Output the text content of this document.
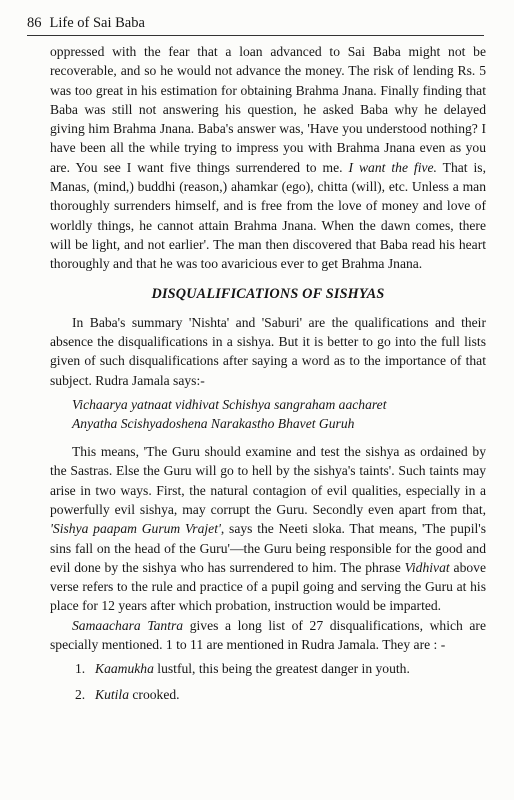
86 Life of Sai Baba

oppressed with the fear that a loan advanced to Sai Baba might not be recoverable, and so he would not advance the money. The risk of lending Rs. 5 was too great in his estimation for obtaining Brahma Jnana. Finally finding that Baba was still not answering his question, he asked Baba why he delayed giving him Brahma Jnana. Baba's answer was, 'Have you understood nothing? I have been all the while trying to impress you with Brahma Jnana even as you are. You see I want five things surrendered to me. I want the five. That is, Manas, (mind,) buddhi (reason,) ahamkar (ego), chitta (will), etc. Unless a man thoroughly surrenders himself, and is free from the love of money and love of worldly things, he cannot attain Brahma Jnana. When the dawn comes, there will be light, and not earlier'. The man then discovered that Baba read his heart thoroughly and that he was too avaricious ever to get Brahma Jnana.

DISQUALIFICATIONS OF SISHYAS

In Baba's summary 'Nishta' and 'Saburi' are the qualifications and their absence the disqualifications in a sishya. But it is better to go into the full lists given of such disqualifications after saying a word as to the importance of that subject. Rudra Jamala says:-

Vichaarya yatnaat vidhivat Schishya sangraham aacharet

Anyatha Scishyadoshena Narakastho Bhavet Guruh

This means, 'The Guru should examine and test the sishya as ordained by the Sastras. Else the Guru will go to hell by the sishya's taints'. Such taints may arise in two ways. First, the natural contagion of evil qualities, especially in a powerfully evil sishya, may corrupt the Guru. Secondly even apart from that, 'Sishya paapam Gurum Vrajet', says the Neeti sloka. That means, 'The pupil's sins fall on the head of the Guru'—the Guru being responsible for the good and evil done by the sishya who has surrendered to him. The phrase Vidhivat above verse refers to the rule and practice of a pupil going and serving the Guru at his place for 12 years after which probation, instruction would be imparted.

Samaachara Tantra gives a long list of 27 disqualifications, which are specially mentioned. 1 to 11 are mentioned in Rudra Jamala. They are : -

1. Kaamukha lustful, this being the greatest danger in youth.
2. Kutila crooked.
